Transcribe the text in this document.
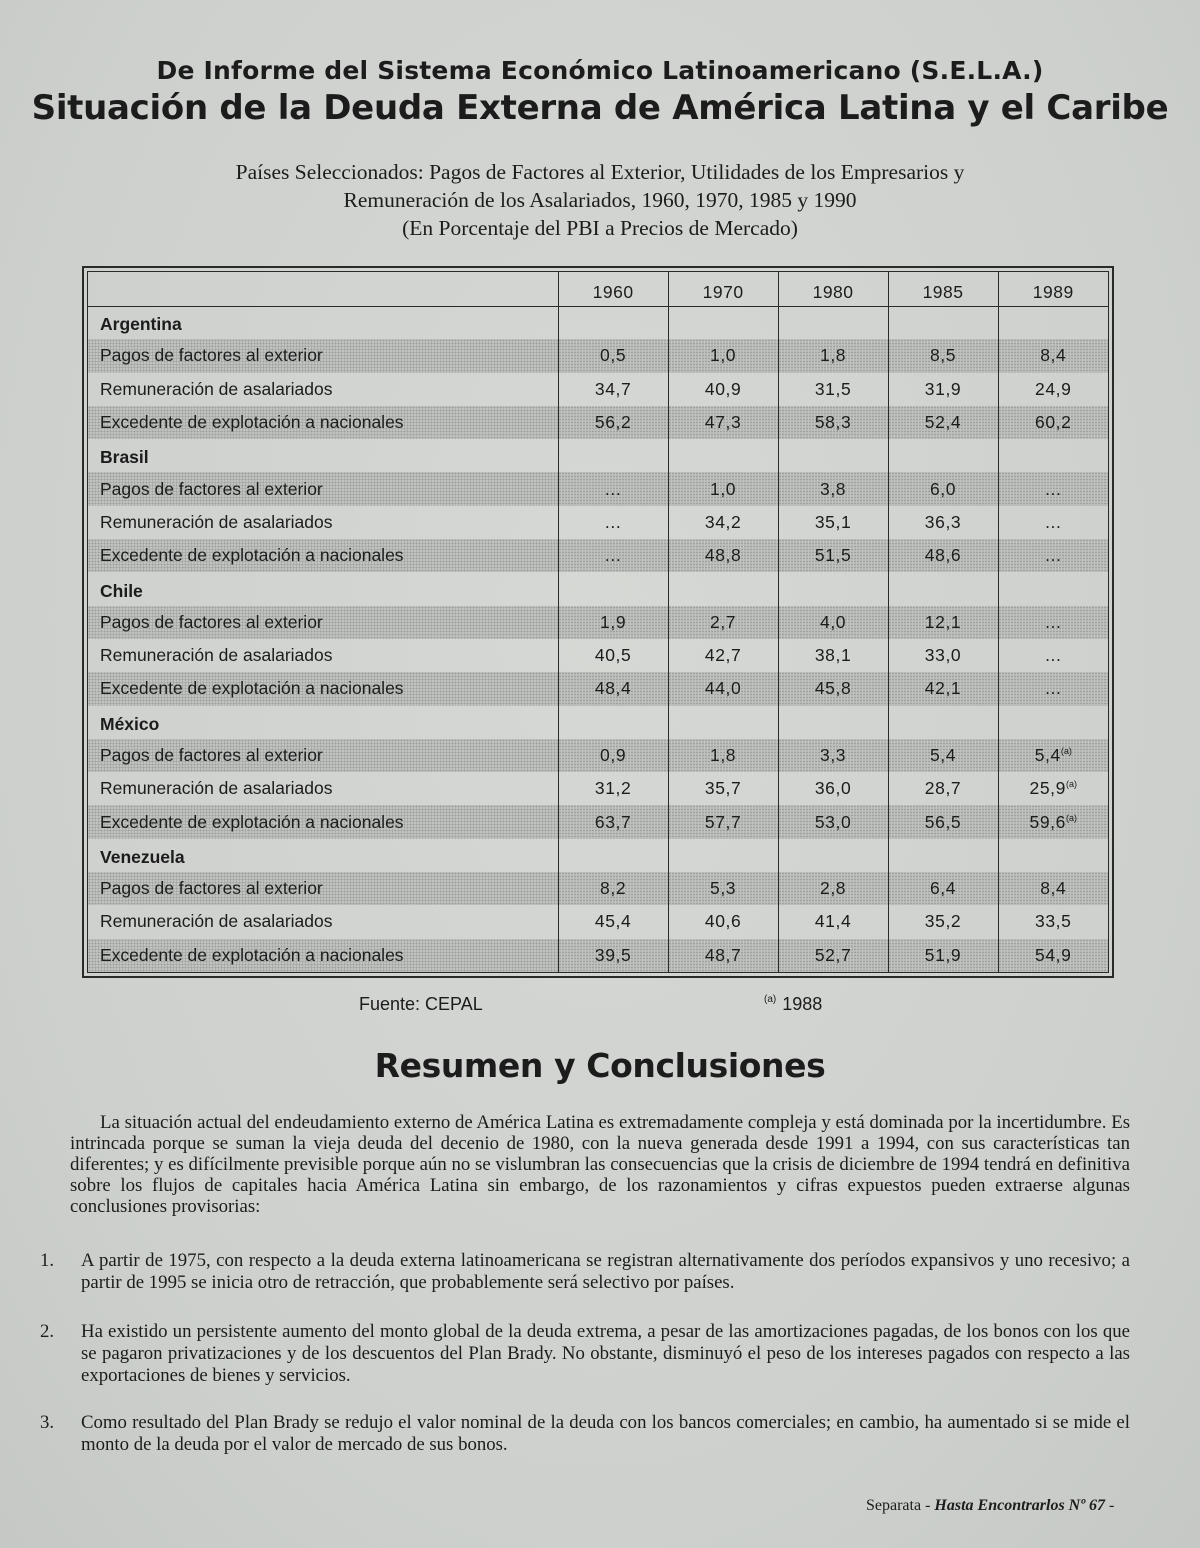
De Informe del Sistema Económico Latinoamericano (S.E.L.A.)
Situación de la Deuda Externa de América Latina y el Caribe
Países Seleccionados: Pagos de Factores al Exterior, Utilidades de los Empresarios y
Remuneración de los Asalariados, 1960, 1970, 1985 y 1990
(En Porcentaje del PBI a Precios de Mercado)
	1960	1970	1980	1985	1989
Argentina					
Pagos de factores al exterior	0,5	1,0	1,8	8,5	8,4
Remuneración de asalariados	34,7	40,9	31,5	31,9	24,9
Excedente de explotación a nacionales	56,2	47,3	58,3	52,4	60,2
Brasil					
Pagos de factores al exterior	...	1,0	3,8	6,0	...
Remuneración de asalariados	...	34,2	35,1	36,3	...
Excedente de explotación a nacionales	...	48,8	51,5	48,6	...
Chile					
Pagos de factores al exterior	1,9	2,7	4,0	12,1	...
Remuneración de asalariados	40,5	42,7	38,1	33,0	...
Excedente de explotación a nacionales	48,4	44,0	45,8	42,1	...
México					
Pagos de factores al exterior	0,9	1,8	3,3	5,4	5,4$^{(a)}$
Remuneración de asalariados	31,2	35,7	36,0	28,7	25,9$^{(a)}$
Excedente de explotación a nacionales	63,7	57,7	53,0	56,5	59,6$^{(a)}$
Venezuela					
Pagos de factores al exterior	8,2	5,3	2,8	6,4	8,4
Remuneración de asalariados	45,4	40,6	41,4	35,2	33,5
Excedente de explotación a nacionales	39,5	48,7	52,7	51,9	54,9
Fuente: CEPAL	$^{(a)}$ 1988
Resumen y Conclusiones
La situación actual del endeudamiento externo de América Latina es extremadamente compleja y está dominada por la incertidumbre. Es intrincada porque se suman la vieja deuda del decenio de 1980, con la nueva generada desde 1991 a 1994, con sus características tan diferentes; y es difícilmente previsible porque aún no se vislumbran las consecuencias que la crisis de diciembre de 1994 tendrá en definitiva sobre los flujos de capitales hacia América Latina sin embargo, de los razonamientos y cifras expuestos pueden extraerse algunas conclusiones provisorias:
1. A partir de 1975, con respecto a la deuda externa latinoamericana se registran alternativamente dos períodos expansivos y uno recesivo; a partir de 1995 se inicia otro de retracción, que probablemente será selectivo por países.
2. Ha existido un persistente aumento del monto global de la deuda extrema, a pesar de las amortizaciones pagadas, de los bonos con los que se pagaron privatizaciones y de los descuentos del Plan Brady. No obstante, disminuyó el peso de los intereses pagados con respecto a las exportaciones de bienes y servicios.
3. Como resultado del Plan Brady se redujo el valor nominal de la deuda con los bancos comerciales; en cambio, ha aumentado si se mide el monto de la deuda por el valor de mercado de sus bonos.
Separata - Hasta Encontrarlos Nº 67 -
